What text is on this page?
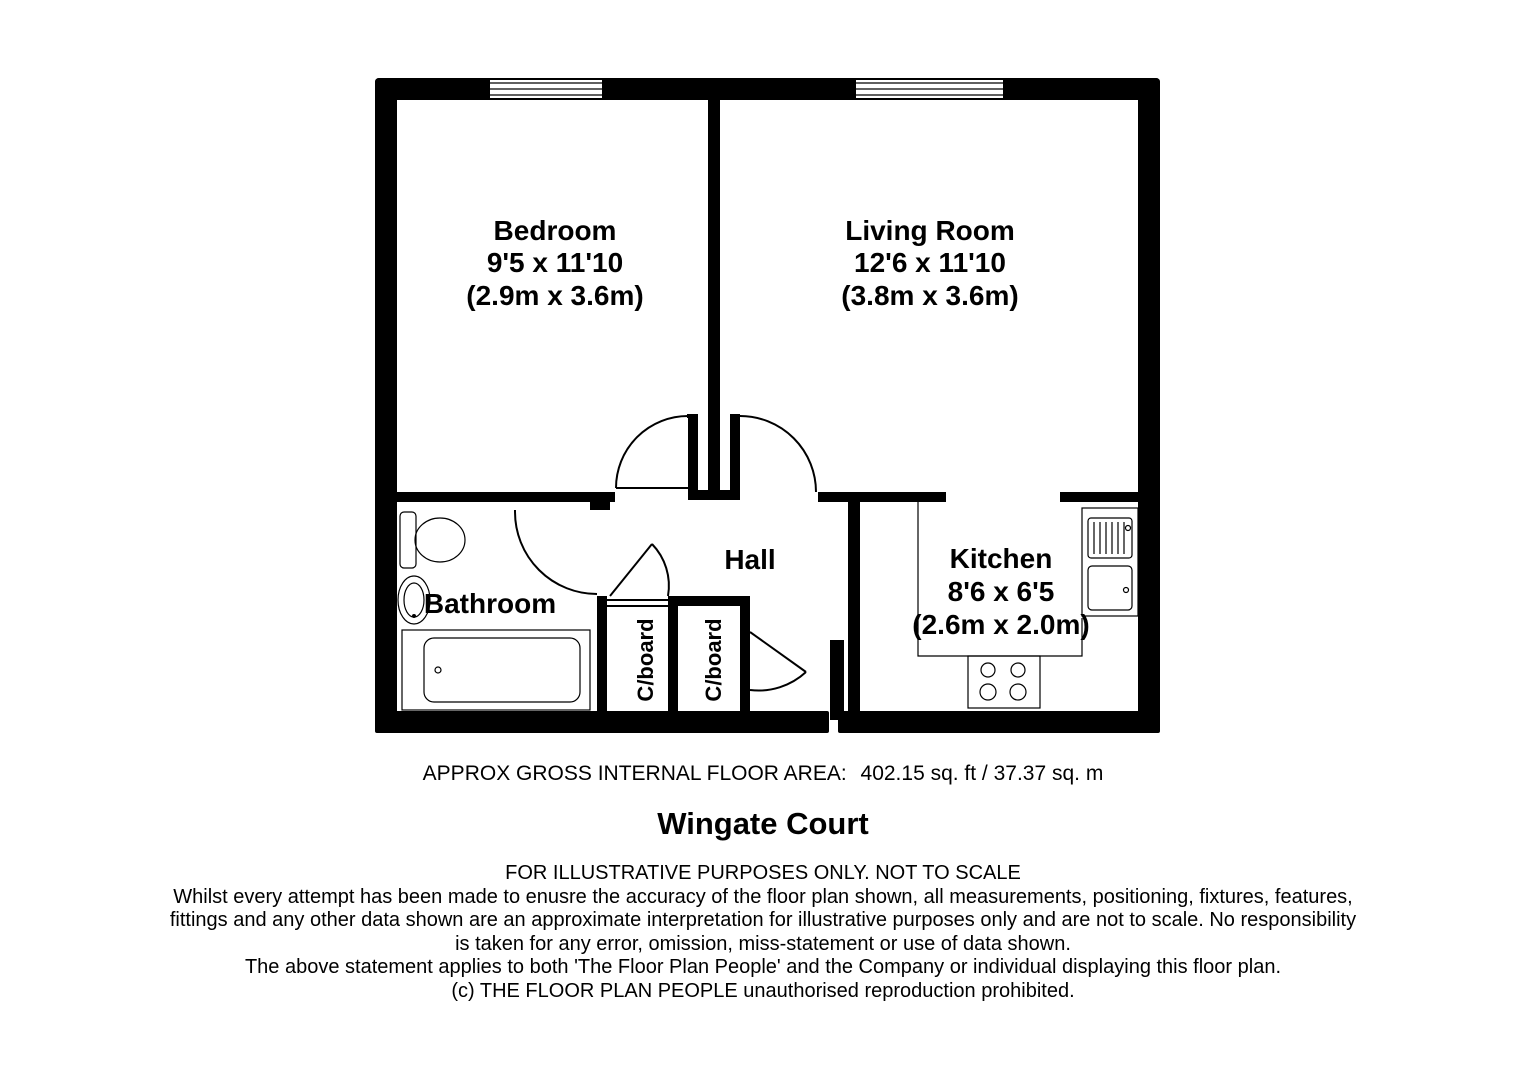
Bedroom
9'5 x 11'10
(2.9m x 3.6m)
Living Room
12'6 x 11'10
(3.8m x 3.6m)
Kitchen
8'6 x 6'5
(2.6m x 2.0m)
Hall
Bathroom
C/board C/board
APPROX GROSS INTERNAL FLOOR AREA: 402.15 sq. ft / 37.37 sq. m
Wingate Court
FOR ILLUSTRATIVE PURPOSES ONLY. NOT TO SCALE
Whilst every attempt has been made to enusre the accuracy of the floor plan shown, all measurements, positioning, fixtures, features,
fittings and any other data shown are an approximate interpretation for illustrative purposes only and are not to scale. No responsibility
is taken for any error, omission, miss-statement or use of data shown.
The above statement applies to both 'The Floor Plan People' and the Company or individual displaying this floor plan.
(c) THE FLOOR PLAN PEOPLE unauthorised reproduction prohibited.
